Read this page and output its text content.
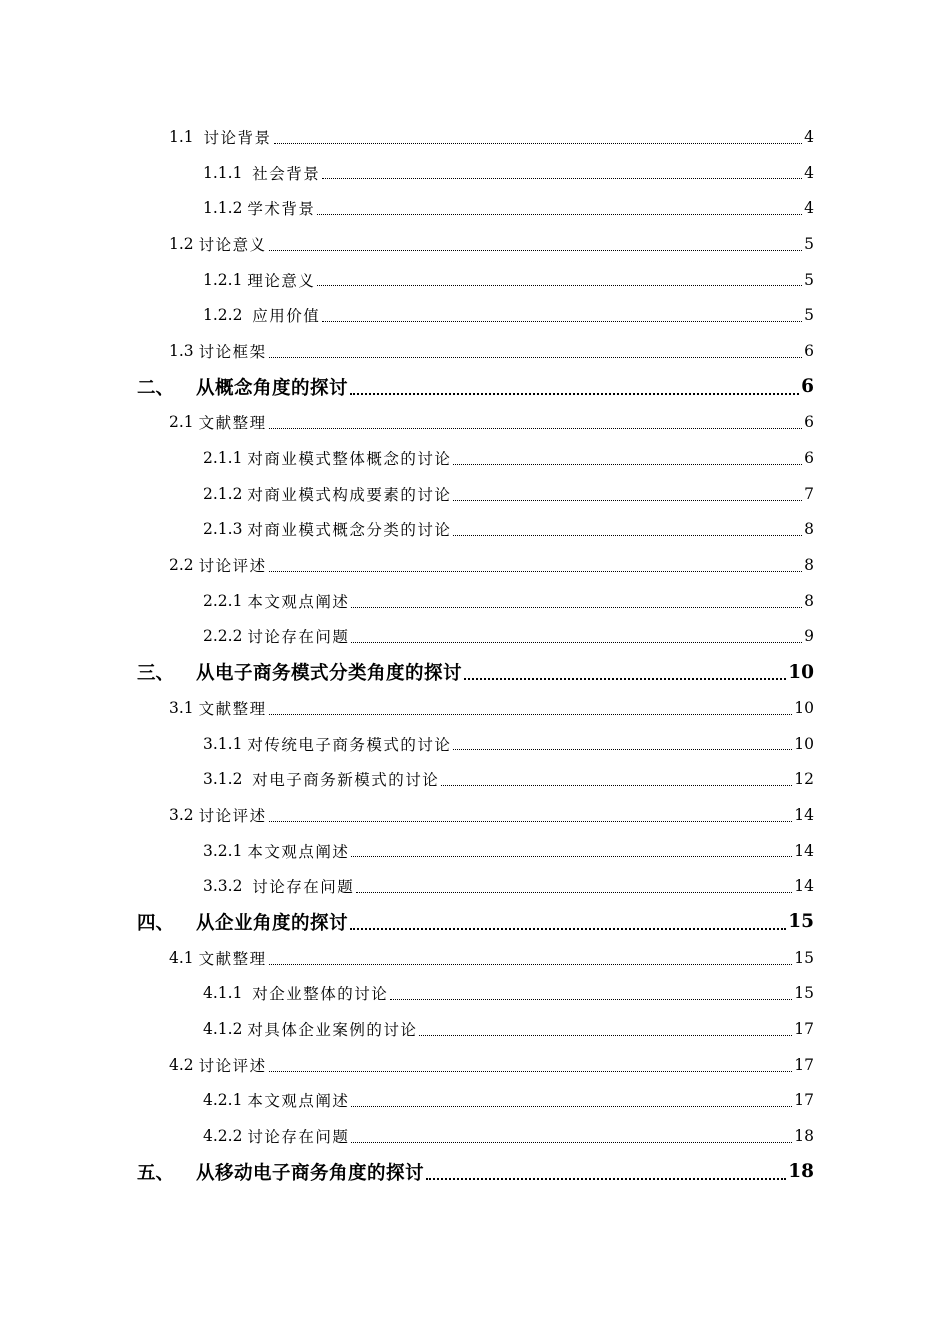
1.1 讨论背景	4
1.1.1 社会背景	4
1.1.2 学术背景	4
1.2 讨论意义	5
1.2.1 理论意义	5
1.2.2 应用价值	5
1.3 讨论框架	6
二、 从概念角度的探讨	6
2.1 文献整理	6
2.1.1 对商业模式整体概念的讨论	6
2.1.2 对商业模式构成要素的讨论	7
2.1.3 对商业模式概念分类的讨论	8
2.2 讨论评述	8
2.2.1 本文观点阐述	8
2.2.2 讨论存在问题	9
三、 从电子商务模式分类角度的探讨	10
3.1 文献整理	10
3.1.1 对传统电子商务模式的讨论	10
3.1.2 对电子商务新模式的讨论	12
3.2 讨论评述	14
3.2.1 本文观点阐述	14
3.3.2 讨论存在问题	14
四、 从企业角度的探讨	15
4.1 文献整理	15
4.1.1 对企业整体的讨论	15
4.1.2 对具体企业案例的讨论	17
4.2 讨论评述	17
4.2.1 本文观点阐述	17
4.2.2 讨论存在问题	18
五、 从移动电子商务角度的探讨	18
